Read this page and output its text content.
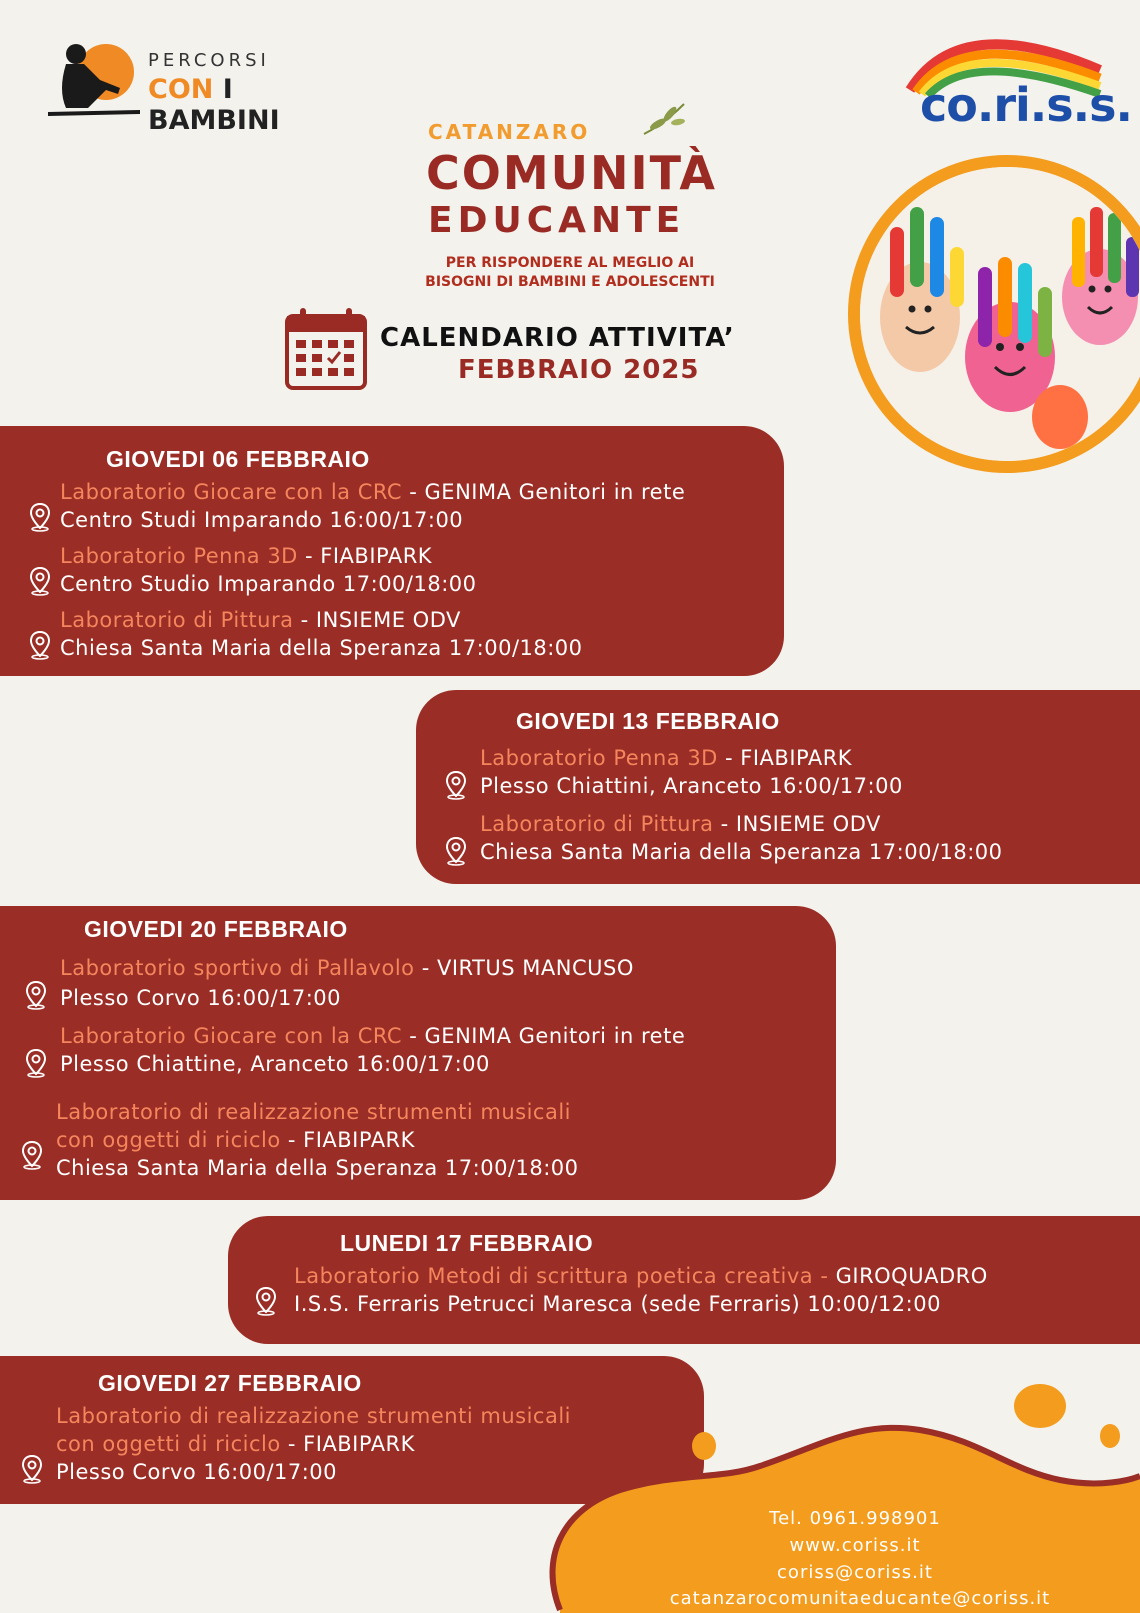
PERCORSI
CON I BAMBINI	co.ri.s.s.
CATANZARO
COMUNITÀ
EDUCANTE
PER RISPONDERE AL MEGLIO AI
BISOGNI DI BAMBINI E ADOLESCENTI
CALENDARIO ATTIVITA’
FEBBRAIO 2025
GIOVEDI 06 FEBBRAIO
Laboratorio Giocare con la CRC - GENIMA Genitori in rete
Centro Studi Imparando 16:00/17:00
Laboratorio Penna 3D - FIABIPARK
Centro Studio Imparando 17:00/18:00
Laboratorio di Pittura - INSIEME ODV
Chiesa Santa Maria della Speranza 17:00/18:00
GIOVEDI 13 FEBBRAIO
Laboratorio Penna 3D - FIABIPARK
Plesso Chiattini, Aranceto 16:00/17:00
Laboratorio di Pittura - INSIEME ODV
Chiesa Santa Maria della Speranza 17:00/18:00
GIOVEDI 20 FEBBRAIO
Laboratorio sportivo di Pallavolo - VIRTUS MANCUSO
Plesso Corvo 16:00/17:00
Laboratorio Giocare con la CRC - GENIMA Genitori in rete
Plesso Chiattine, Aranceto 16:00/17:00
Laboratorio di realizzazione strumenti musicali
con oggetti di riciclo - FIABIPARK
Chiesa Santa Maria della Speranza 17:00/18:00
LUNEDI 17 FEBBRAIO
Laboratorio Metodi di scrittura poetica creativa - GIROQUADRO
I.S.S. Ferraris Petrucci Maresca (sede Ferraris) 10:00/12:00
GIOVEDI 27 FEBBRAIO
Laboratorio di realizzazione strumenti musicali
con oggetti di riciclo - FIABIPARK
Plesso Corvo 16:00/17:00
Tel. 0961.998901
www.coriss.it
coriss@coriss.it
catanzarocomunitaeducante@coriss.it
